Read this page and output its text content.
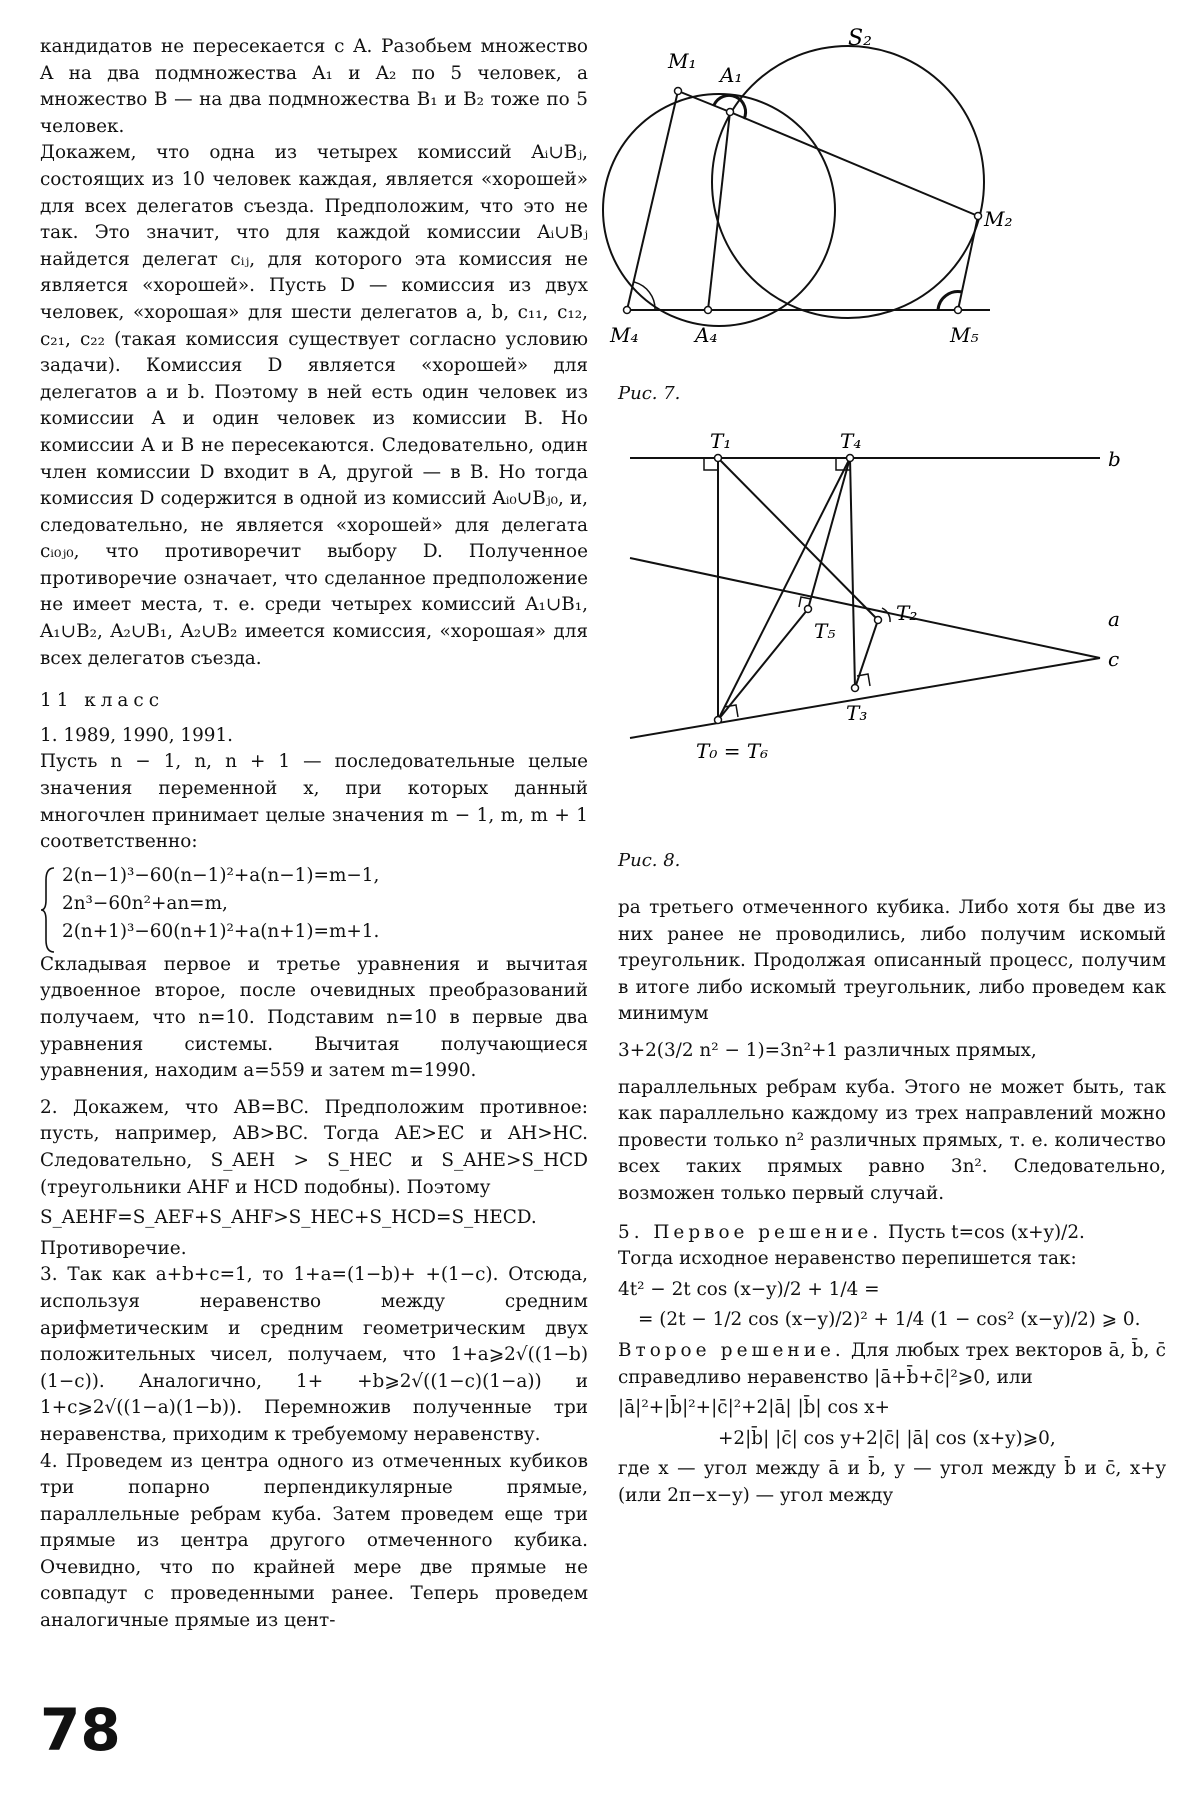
кандидатов не пересекается с A. Разобьем множество A на два подмножества A₁ и A₂ по 5 человек, а множество B — на два подмножества B₁ и B₂ тоже по 5 человек.

Докажем, что одна из четырех комиссий Aᵢ∪Bⱼ, состоящих из 10 человек каждая, является «хорошей» для всех делегатов съезда. Предположим, что это не так. Это значит, что для каждой комиссии Aᵢ∪Bⱼ найдется делегат cᵢⱼ, для которого эта комиссия не является «хорошей». Пусть D — комиссия из двух человек, «хорошая» для шести делегатов a, b, c₁₁, c₁₂, c₂₁, c₂₂ (такая комиссия существует согласно условию задачи). Комиссия D является «хорошей» для делегатов a и b. Поэтому в ней есть один человек из комиссии A и один человек из комиссии B. Но комиссии A и B не пересекаются. Следовательно, один член комиссии D входит в A, другой — в B. Но тогда комиссия D содержится в одной из комиссий Aᵢ₀∪Bⱼ₀, и, следовательно, не является «хорошей» для делегата cᵢ₀ⱼ₀, что противоречит выбору D. Полученное противоречие означает, что сделанное предположение не имеет места, т. е. среди четырех комиссий A₁∪B₁, A₁∪B₂, A₂∪B₁, A₂∪B₂ имеется комиссия, «хорошая» для всех делегатов съезда.

11 класс

1. 1989, 1990, 1991.

Пусть n − 1, n, n + 1 — последовательные целые значения переменной x, при которых данный многочлен принимает целые значения m − 1, m, m + 1 соответственно:

2(n−1)³−60(n−1)²+a(n−1)=m−1,
2n³−60n²+an=m,
2(n+1)³−60(n+1)²+a(n+1)=m+1.

Складывая первое и третье уравнения и вычитая удвоенное второе, после очевидных преобразований получаем, что n=10. Подставим n=10 в первые два уравнения системы. Вычитая получающиеся уравнения, находим a=559 и затем m=1990.

2. Докажем, что AB=BC. Предположим противное: пусть, например, AB>BC. Тогда AE>EC и AH>HC. Следовательно, S_AEH > S_HEC и S_AHE>S_HCD (треугольники AHF и HCD подобны). Поэтому

S_AEHF=S_AEF+S_AHF>S_HEC+S_HCD=S_HECD.

Противоречие.

3. Так как a+b+c=1, то 1+a=(1−b)+ +(1−c). Отсюда, используя неравенство между средним арифметическим и средним геометрическим двух положительных чисел, получаем, что 1+a⩾2√((1−b)(1−c)). Аналогично, 1+ +b⩾2√((1−c)(1−a)) и 1+c⩾2√((1−a)(1−b)). Перемножив полученные три неравенства, приходим к требуемому неравенству.

4. Проведем из центра одного из отмеченных кубиков три попарно перпендикулярные прямые, параллельные ребрам куба. Затем проведем еще три прямые из центра другого отмеченного кубика. Очевидно, что по крайней мере две прямые не совпадут с проведенными ранее. Теперь проведем аналогичные прямые из цент-

S₂
M₁
A₁
M₂
M₄	A₄	M₅
Рис. 7.
T₁	T₄
T₂
T₅
T₃
T₀ = T₆
b
c
a
Рис. 8.

ра третьего отмеченного кубика. Либо хотя бы две из них ранее не проводились, либо получим искомый треугольник. Продолжая описанный процесс, получим в итоге либо искомый треугольник, либо проведем как минимум

3+2(3/2 n² − 1)=3n²+1 различных прямых,

параллельных ребрам куба. Этого не может быть, так как параллельно каждому из трех направлений можно провести только n² различных прямых, т. е. количество всех таких прямых равно 3n². Следовательно, возможен только первый случай.

5. Первое решение. Пусть t=cos (x+y)/2.

Тогда исходное неравенство перепишется так:

4t² − 2t cos (x−y)/2 + 1/4 =

= (2t − 1/2 cos (x−y)/2)² + 1/4 (1 − cos² (x−y)/2) ⩾ 0.

Второе решение. Для любых трех векторов ā, b̄, c̄ справедливо неравенство |ā+b̄+c̄|²⩾0, или

|ā|²+|b̄|²+|c̄|²+2|ā| |b̄| cos x+

+2|b̄| |c̄| cos y+2|c̄| |ā| cos (x+y)⩾0,

где x — угол между ā и b̄, y — угол между b̄ и c̄, x+y (или 2π−x−y) — угол между

78
